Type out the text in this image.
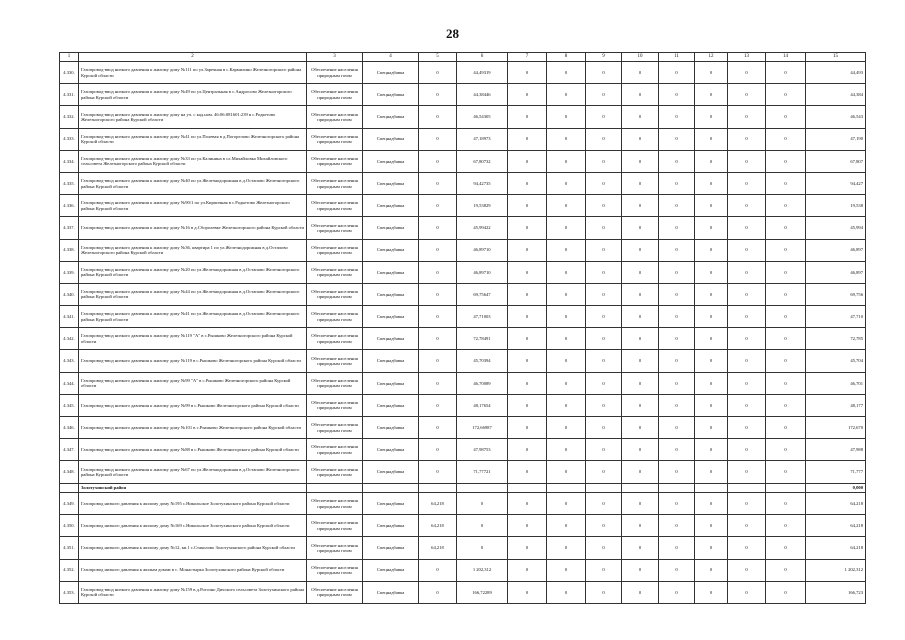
28
1	2	3	4	5	6	7	8	9	10	11	12	13	14	15
4.330.	Газопровод-ввод низкого давления к жилому дому №111 по ул.Заречная в с.Кармилино Железногорского района Курской области	Обеспечение населения природным газом	Спецнадбавка	0	44,49319	0	0	0	0	0	0	0	0	44,493
4.331.	Газопровод-ввод низкого давления к жилому дому №49 по ул.Центральная в с.Андросово Железногорского района Курской области	Обеспечение населения природным газом	Спецнадбавка	0	44,38446	0	0	0	0	0	0	0	0	44,384
4.332.	Газопровод-ввод низкого давления к жилому дому на уч. с кад.ном. 46:06:081601:239 в с.Родкетово Железногорского района Курской области	Обеспечение населения природным газом	Спецнадбавка	0	46,54305	0	0	0	0	0	0	0	0	46,543
4.333.	Газопровод-ввод низкого давления к жилому дому №41 по ул.Полевая в д.Погорелово Железногорского района Курской области	Обеспечение населения природным газом	Спецнадбавка	0	47,18973	0	0	0	0	0	0	0	0	47,190
4.334.	Газопровод-ввод низкого давления к жилому дому №33 по ул.Калинина в сл.Михайловка Михайловского сельсовета Железногорского района Курской области	Обеспечение населения природным газом	Спецнадбавка	0	67,80732	0	0	0	0	0	0	0	0	67,807
4.335.	Газопровод-ввод низкого давления к жилому дому №40 по ул.Железнодорожная в д.Остапово Железногорского района Курской области	Обеспечение населения природным газом	Спецнадбавка	0	94,42735	0	0	0	0	0	0	0	0	94,427
4.336.	Газопровод-ввод низкого давления к жилому дому №90/1 по ул.Кирпичная в с.Родкетово Железногорского района Курской области	Обеспечение населения природным газом	Спецнадбавка	0	19,53829	0	0	0	0	0	0	0	0	19,538
4.337.	Газопровод-ввод низкого давления к жилому дому №16 в д.Сборолевке Железногорского района Курской области	Обеспечение населения природным газом	Спецнадбавка	0	45,99422	0	0	0	0	0	0	0	0	45,994
4.338.	Газопровод-ввод низкого давления к жилому дому №36, квартира 1 по ул.Железнодорожная в д.Остапово Железногорского района Курской области	Обеспечение населения природным газом	Спецнадбавка	0	46,89710	0	0	0	0	0	0	0	0	46,897
4.339.	Газопровод-ввод низкого давления к жилому дому №20 по ул.Железнодорожная в д.Остапово Железногорского района Курской области	Обеспечение населения природным газом	Спецнадбавка	0	46,89710	0	0	0	0	0	0	0	0	46,897
4.340.	Газопровод-ввод низкого давления к жилому дому №44 по ул.Железнодорожная в д.Остапово Железногорского района Курской области	Обеспечение населения природным газом	Спецнадбавка	0	69,75647	0	0	0	0	0	0	0	0	69,756
4.341.	Газопровод-ввод низкого давления к жилому дому №41 по ул.Железнодорожная в д.Остапово Железногорского района Курской области	Обеспечение населения природным газом	Спецнадбавка	0	47,71003	0	0	0	0	0	0	0	0	47,710
4.342.	Газопровод-ввод низкого давления к жилому дому №119 "А" в с.Рышково Железногорского района Курской области	Обеспечение населения природным газом	Спецнадбавка	0	72,78491	0	0	0	0	0	0	0	0	72,785
4.343.	Газопровод-ввод низкого давления к жилому дому №119 в с.Рышково Железногорского района Курской области	Обеспечение населения природным газом	Спецнадбавка	0	45,70394	0	0	0	0	0	0	0	0	45,704
4.344.	Газопровод-ввод низкого давления к жилому дому №99 "А" в с.Рышково Железногорского района Курской области	Обеспечение населения природным газом	Спецнадбавка	0	46,70089	0	0	0	0	0	0	0	0	46,701
4.345.	Газопровод-ввод низкого давления к жилому дому №99 в с.Рышково Железногорского района Курской области	Обеспечение населения природным газом	Спецнадбавка	0	48,17654	0	0	0	0	0	0	0	0	48,177
4.346.	Газопровод-ввод низкого давления к жилому дому №101 в с.Рышково Железногорского района Курской области	Обеспечение населения природным газом	Спецнадбавка	0	172,66987	0	0	0	0	0	0	0	0	172,670
4.347.	Газопровод-ввод низкого давления к жилому дому №88 в с.Рышково Железногорского района Курской области	Обеспечение населения природным газом	Спецнадбавка	0	47,98753	0	0	0	0	0	0	0	0	47,988
4.348.	Газопровод-ввод низкого давления к жилому дому №67 по ул.Железнодорожная в д.Остапово Железногорского района Курской области	Обеспечение населения природным газом	Спецнадбавка	0	71,77721	0	0	0	0	0	0	0	0	71,777
	Золотухинский район													0,000
4.349.	Газопровод низкого давления к жилому дому №195 с.Никольское Золотухинского района Курской области	Обеспечение населения природным газом	Спецнадбавка	64,218	0	0	0	0	0	0	0	0	0	64,218
4.350.	Газопровод низкого давления к жилому дому №169 с.Никольское Золотухинского района Курской области	Обеспечение населения природным газом	Спецнадбавка	64,218	0	0	0	0	0	0	0	0	0	64,218
4.351.	Газопровод низкого давления к жилому дому №12, кв.1 с.Стаколово Золотухинского района Курской области	Обеспечение населения природным газом	Спецнадбавка	64,218	0	0	0	0	0	0	0	0	0	64,218
4.352.	Газопровод низкого давления к жилым домам в с. Монастырка Золотухинского района Курской области	Обеспечение населения природным газом	Спецнадбавка	0	1 202,312	0	0	0	0	0	0	0	0	1 202,312
4.353.	Газопровод-ввод низкого давления к жилому дому №159 в д.Рогозно Дичского сельсовета Золотухинского района Курской области	Обеспечение населения природным газом	Спецнадбавка	0	166,72289	0	0	0	0	0	0	0	0	166,723
